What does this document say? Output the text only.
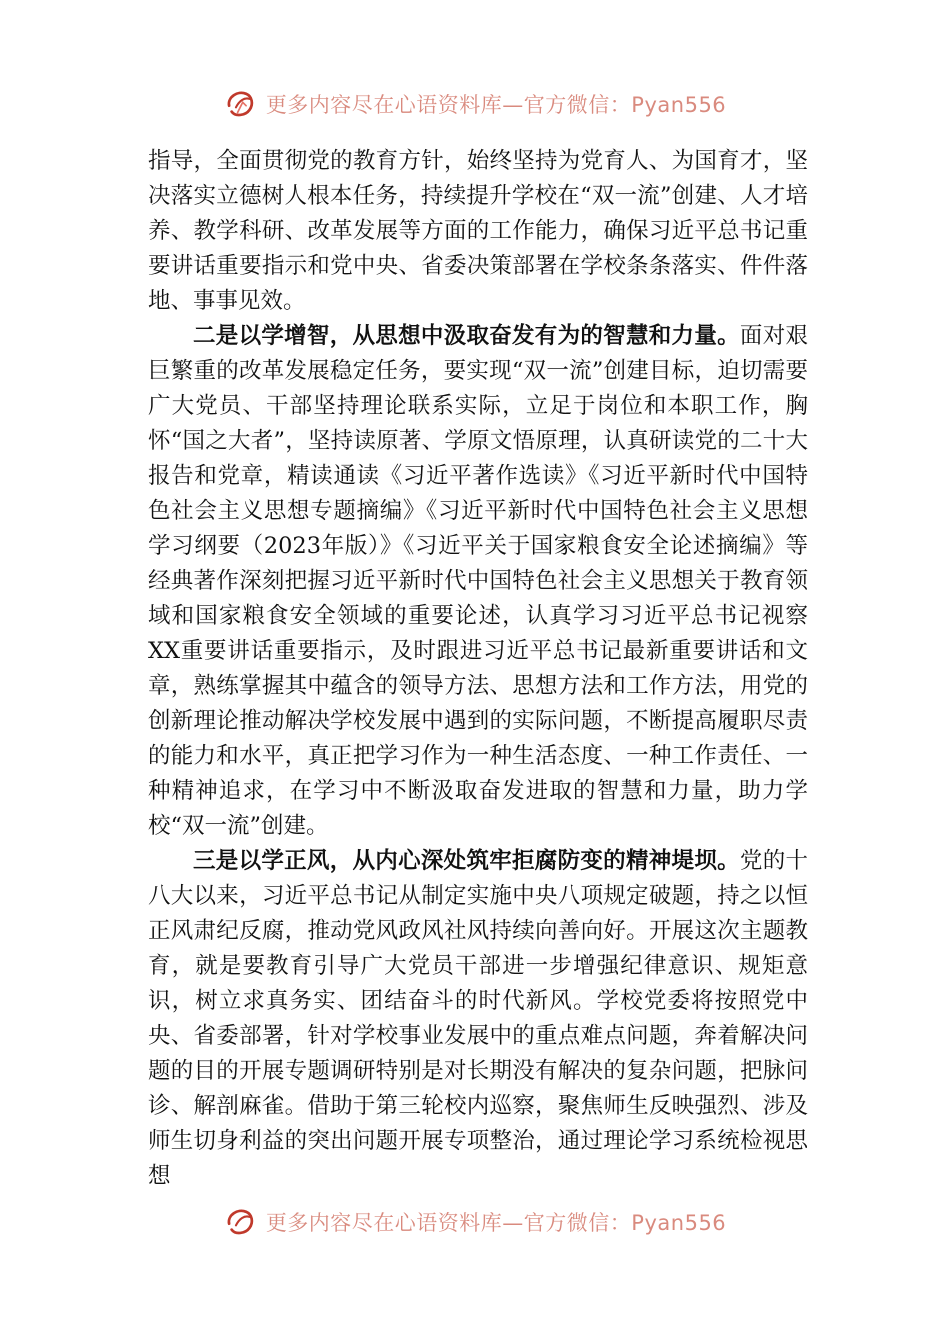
更多内容尽在心语资料库—官方微信：Pyan556

指导，全面贯彻党的教育方针，始终坚持为党育人、为国育才，坚决落实立德树人根本任务，持续提升学校在“双一流”创建、人才培养、教学科研、改革发展等方面的工作能力，确保习近平总书记重要讲话重要指示和党中央、省委决策部署在学校条条落实、件件落地、事事见效。

二是以学增智，从思想中汲取奋发有为的智慧和力量。面对艰巨繁重的改革发展稳定任务，要实现“双一流”创建目标，迫切需要广大党员、干部坚持理论联系实际，立足于岗位和本职工作，胸怀“国之大者”，坚持读原著、学原文悟原理，认真研读党的二十大报告和党章，精读通读《习近平著作选读》《习近平新时代中国特色社会主义思想专题摘编》《习近平新时代中国特色社会主义思想学习纲要（2023年版）》《习近平关于国家粮食安全论述摘编》等经典著作深刻把握习近平新时代中国特色社会主义思想关于教育领域和国家粮食安全领域的重要论述，认真学习习近平总书记视察XX重要讲话重要指示，及时跟进习近平总书记最新重要讲话和文章，熟练掌握其中蕴含的领导方法、思想方法和工作方法，用党的创新理论推动解决学校发展中遇到的实际问题，不断提高履职尽责的能力和水平，真正把学习作为一种生活态度、一种工作责任、一种精神追求，在学习中不断汲取奋发进取的智慧和力量，助力学校“双一流”创建。

三是以学正风，从内心深处筑牢拒腐防变的精神堤坝。党的十八大以来，习近平总书记从制定实施中央八项规定破题，持之以恒正风肃纪反腐，推动党风政风社风持续向善向好。开展这次主题教育，就是要教育引导广大党员干部进一步增强纪律意识、规矩意识，树立求真务实、团结奋斗的时代新风。学校党委将按照党中央、省委部署，针对学校事业发展中的重点难点问题，奔着解决问题的目的开展专题调研特别是对长期没有解决的复杂问题，把脉问诊、解剖麻雀。借助于第三轮校内巡察，聚焦师生反映强烈、涉及师生切身利益的突出问题开展专项整治，通过理论学习系统检视思想

更多内容尽在心语资料库—官方微信：Pyan556
